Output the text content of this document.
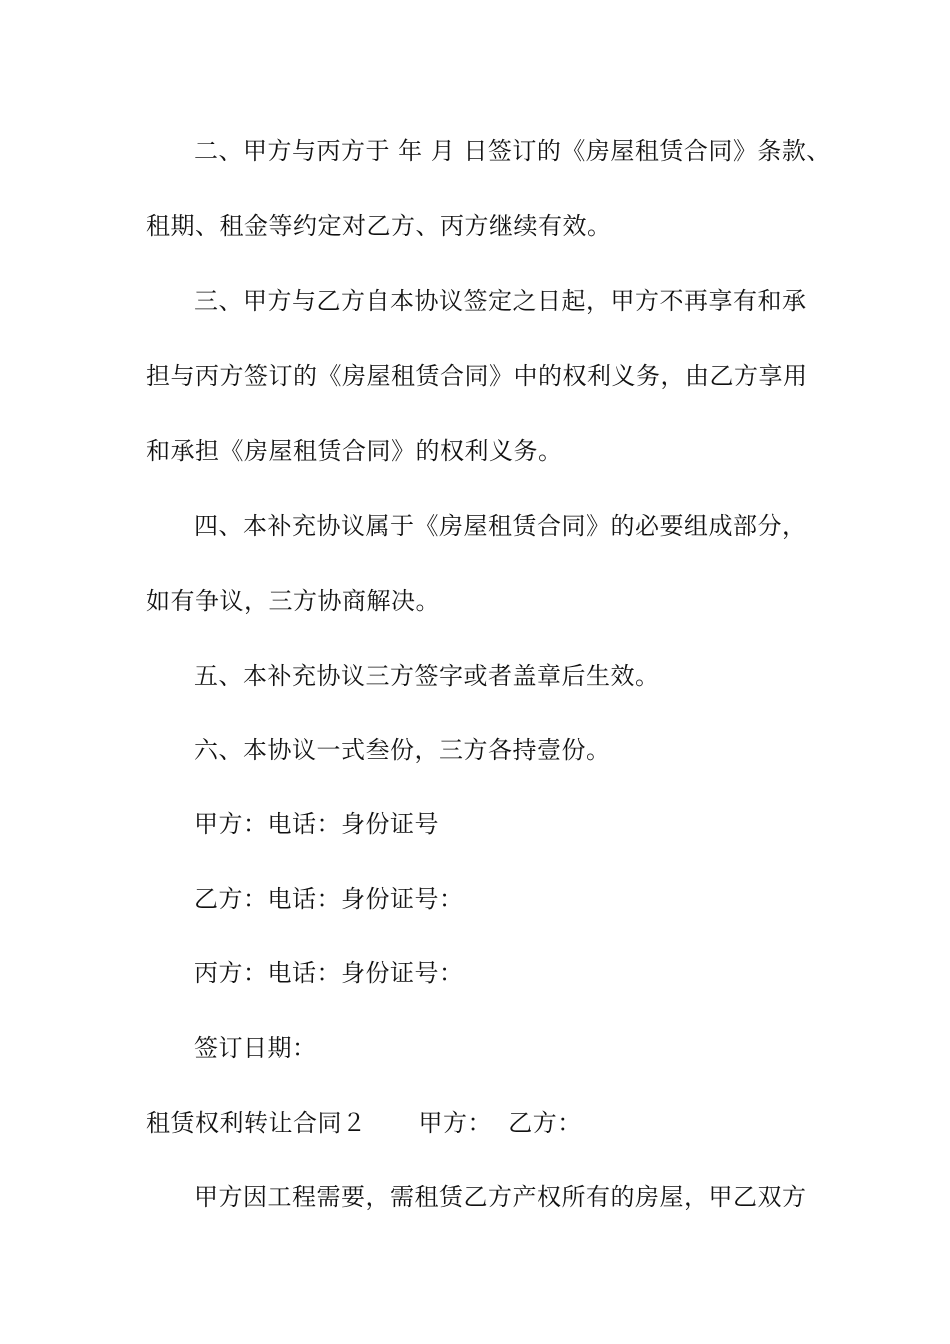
二、甲方与丙方于 年 月 日签订的《房屋租赁合同》条款、
租期、租金等约定对乙方、丙方继续有效。
三、甲方与乙方自本协议签定之日起，甲方不再享有和承
担与丙方签订的《房屋租赁合同》中的权利义务，由乙方享用
和承担《房屋租赁合同》的权利义务。
四、本补充协议属于《房屋租赁合同》的必要组成部分，
如有争议，三方协商解决。
五、本补充协议三方签字或者盖章后生效。
六、本协议一式叁份，三方各持壹份。
甲方：电话：身份证号
乙方：电话：身份证号：
丙方：电话：身份证号：
签订日期：
租赁权利转让合同２ 甲方： 乙方：
甲方因工程需要，需租赁乙方产权所有的房屋，甲乙双方
